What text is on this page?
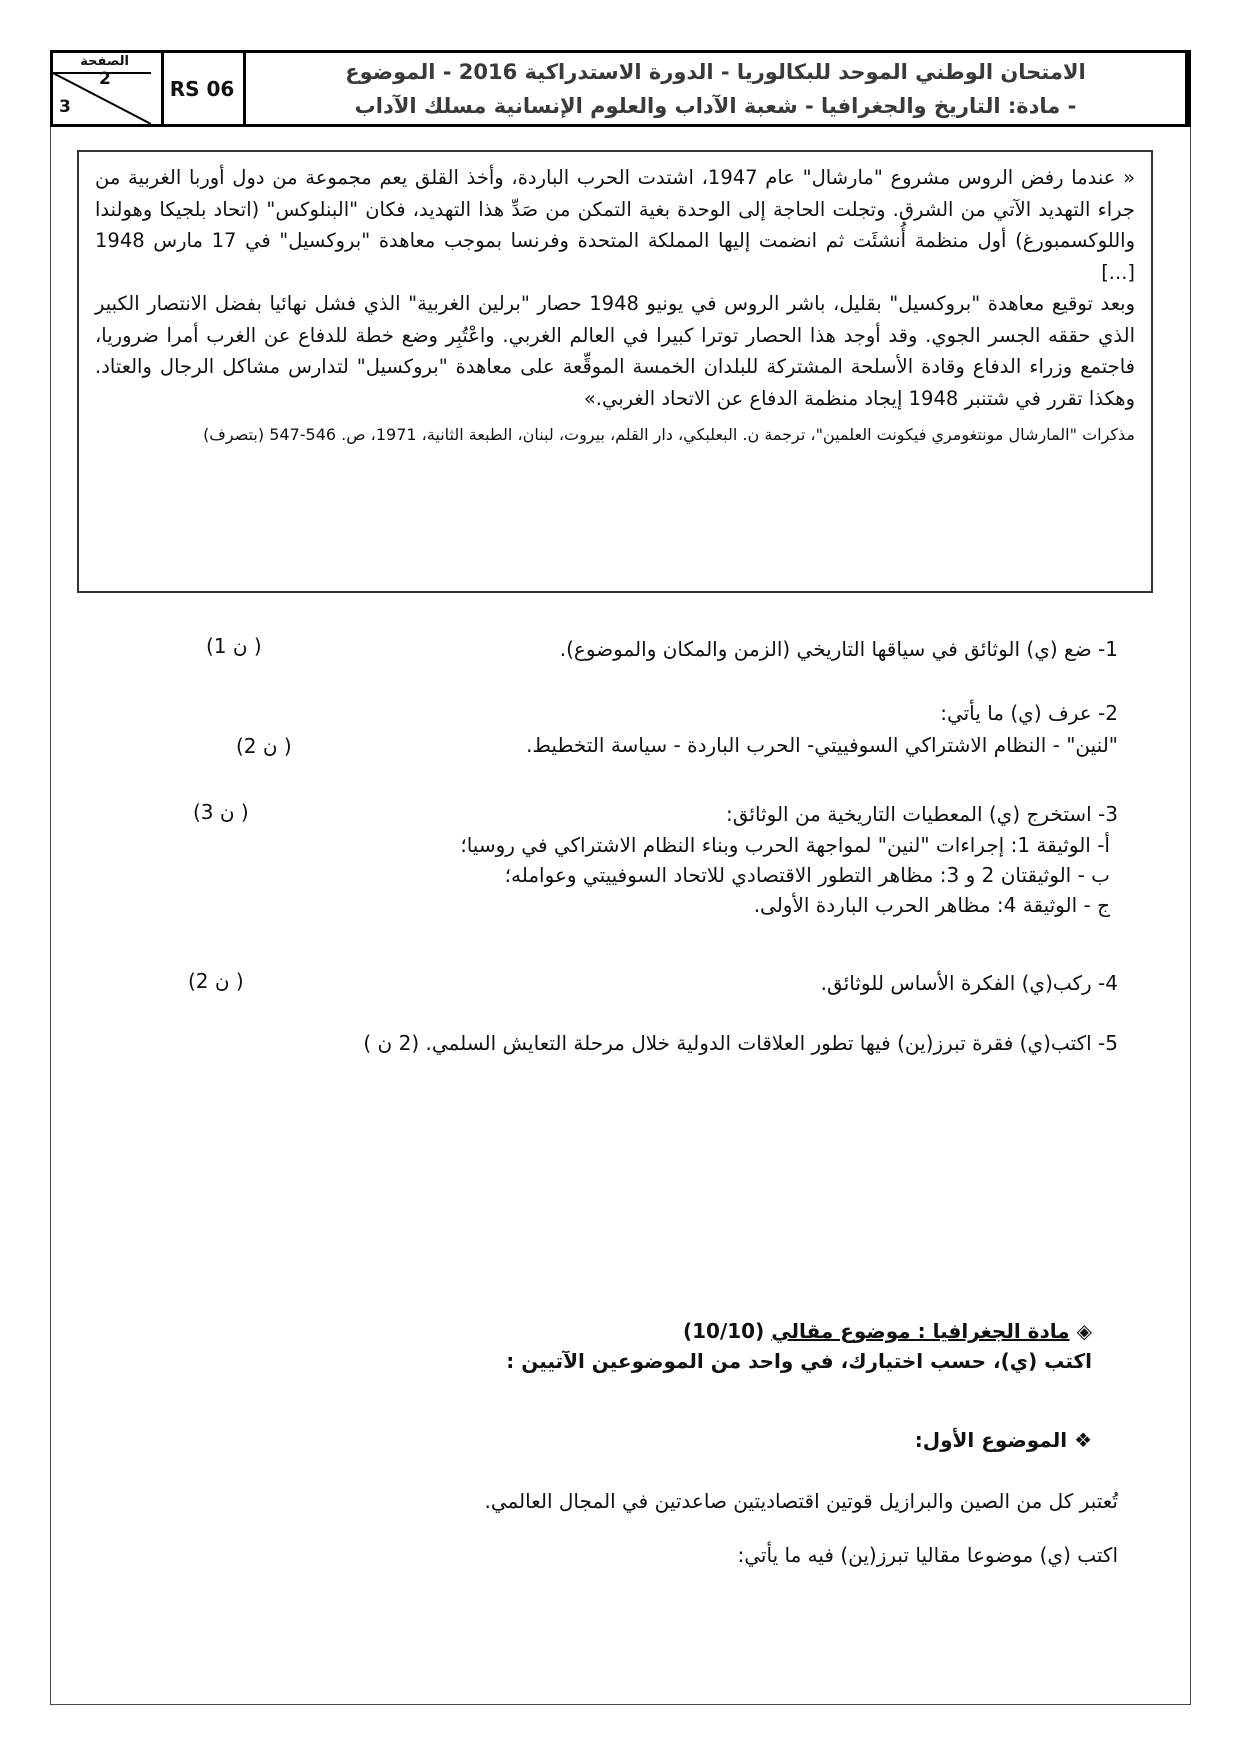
الصفحة
2
3
RS 06
الامتحان الوطني الموحد للبكالوريا - الدورة الاستدراكية 2016 - الموضوع
- مادة: التاريخ والجغرافيا - شعبة الآداب والعلوم الإنسانية مسلك الآداب

« عندما رفض الروس مشروع "مارشال" عام 1947، اشتدت الحرب الباردة، وأخذ القلق يعم مجموعة من دول أوربا الغربية من جراء التهديد الآتي من الشرق. وتجلت الحاجة إلى الوحدة بغية التمكن من صَدِّ هذا التهديد، فكان "البنلوكس" (اتحاد بلجيكا وهولندا واللوكسمبورغ) أول منظمة أُنشئَت ثم انضمت إليها المملكة المتحدة وفرنسا بموجب معاهدة "بروكسيل" في 17 مارس 1948 [...]

وبعد توقيع معاهدة "بروكسيل" بقليل، باشر الروس في يونيو 1948 حصار "برلين الغربية" الذي فشل نهائيا بفضل الانتصار الكبير الذي حققه الجسر الجوي. وقد أوجد هذا الحصار توترا كبيرا في العالم الغربي. واعْتُبِر وضع خطة للدفاع عن الغرب أمرا ضروريا، فاجتمع وزراء الدفاع وقادة الأسلحة المشتركة للبلدان الخمسة الموقِّعة على معاهدة "بروكسيل" لتدارس مشاكل الرجال والعتاد. وهكذا تقرر في شتنبر 1948 إيجاد منظمة الدفاع عن الاتحاد الغربي.»

مذكرات "المارشال مونتغومري فيكونت العلمين"، ترجمة ن. البعلبكي، دار القلم، بيروت، لبنان، الطبعة الثانية، 1971، ص. 546-547 (بتصرف)

1- ضع (ي) الوثائق في سياقها التاريخي (الزمن والمكان والموضوع).
(1 ن )
2- عرف (ي) ما يأتي:
"لنين" - النظام الاشتراكي السوفييتي- الحرب الباردة - سياسة التخطيط.
(2 ن )
3- استخرج (ي) المعطيات التاريخية من الوثائق:
(3 ن )
أ- الوثيقة 1: إجراءات "لنين" لمواجهة الحرب وبناء النظام الاشتراكي في روسيا؛
ب - الوثيقتان 2 و 3: مظاهر التطور الاقتصادي للاتحاد السوفييتي وعوامله؛
ج - الوثيقة 4: مظاهر الحرب الباردة الأولى.
4- ركب(ي) الفكرة الأساس للوثائق.
(2 ن )
5- اكتب(ي) فقرة تبرز(ين) فيها تطور العلاقات الدولية خلال مرحلة التعايش السلمي. (2 ن )
◈ مادة الجغرافيا : موضوع مقالي (10/10)
اكتب (ي)، حسب اختيارك، في واحد من الموضوعين الآتيين :
❖ الموضوع الأول:
تُعتبر كل من الصين والبرازيل قوتين اقتصاديتين صاعدتين في المجال العالمي.
اكتب (ي) موضوعا مقاليا تبرز(ين) فيه ما يأتي:
